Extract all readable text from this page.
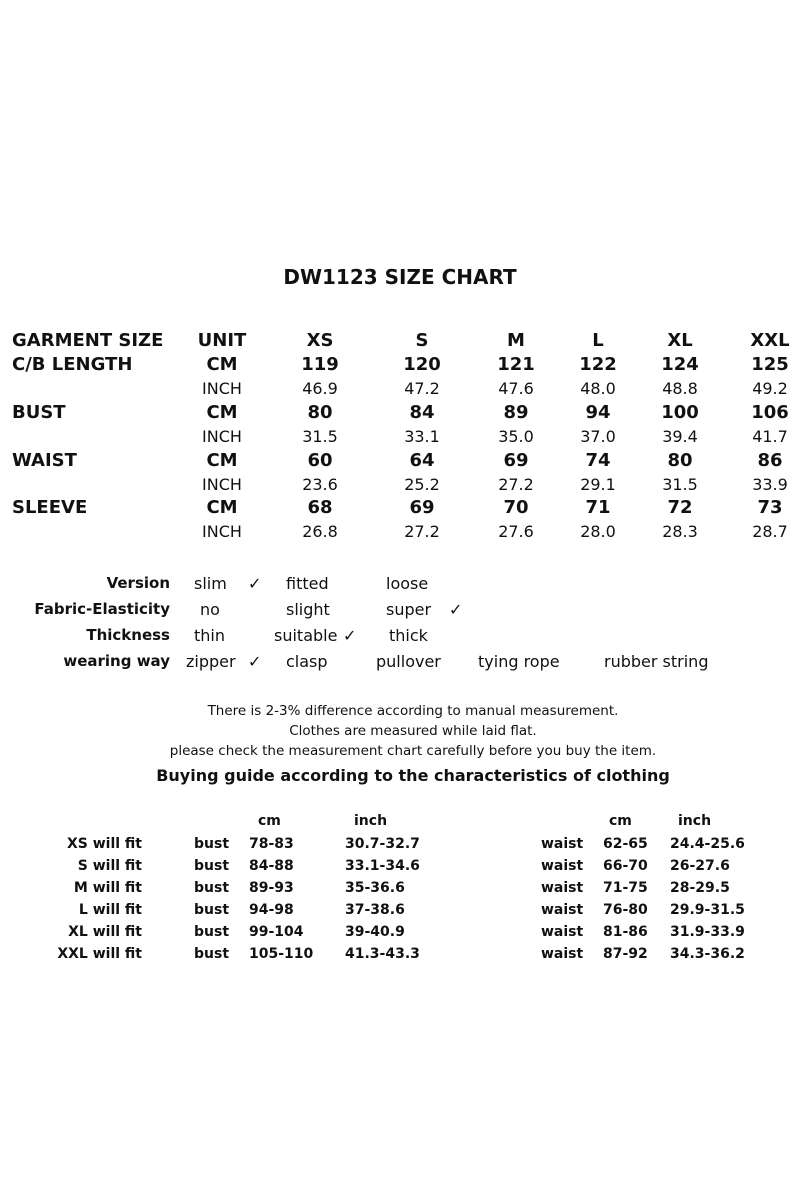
DW1123 SIZE CHART
GARMENT SIZE	UNIT	XS	S	M	L	XL	XXL
C/B LENGTH	CM	119	120	121	122	124	125
INCH	46.9	47.2	47.6	48.0	48.8	49.2
BUST	CM	80	84	89	94	100	106
INCH	31.5	33.1	35.0	37.0	39.4	41.7
WAIST	CM	60	64	69	74	80	86
INCH	23.6	25.2	27.2	29.1	31.5	33.9
SLEEVE	CM	68	69	70	71	72	73
INCH	26.8	27.2	27.6	28.0	28.3	28.7
Version slim ✓ fitted	loose
Fabric-Elasticity no	slight	super ✓
Thickness thin	suitable ✓ thick
wearing way zipper ✓ clasp	pullover tying rope	rubber string
There is 2-3% difference according to manual measurement.
Clothes are measured while laid flat.
please check the measurement chart carefully before you buy the item.
Buying guide according to the characteristics of clothing
cm	inch	cm	inch
XS will fit	bust 78-83	30.7-32.7	waist 62-65 24.4-25.6
S will fit	bust 84-88	33.1-34.6	waist 66-70 26-27.6
M will fit	bust 89-93	35-36.6	waist 71-75 28-29.5
L will fit	bust 94-98	37-38.6	waist 76-80 29.9-31.5
XL will fit	bust 99-104	39-40.9	waist 81-86 31.9-33.9
XXL will fit	bust 105-110 41.3-43.3	waist 87-92 34.3-36.2
